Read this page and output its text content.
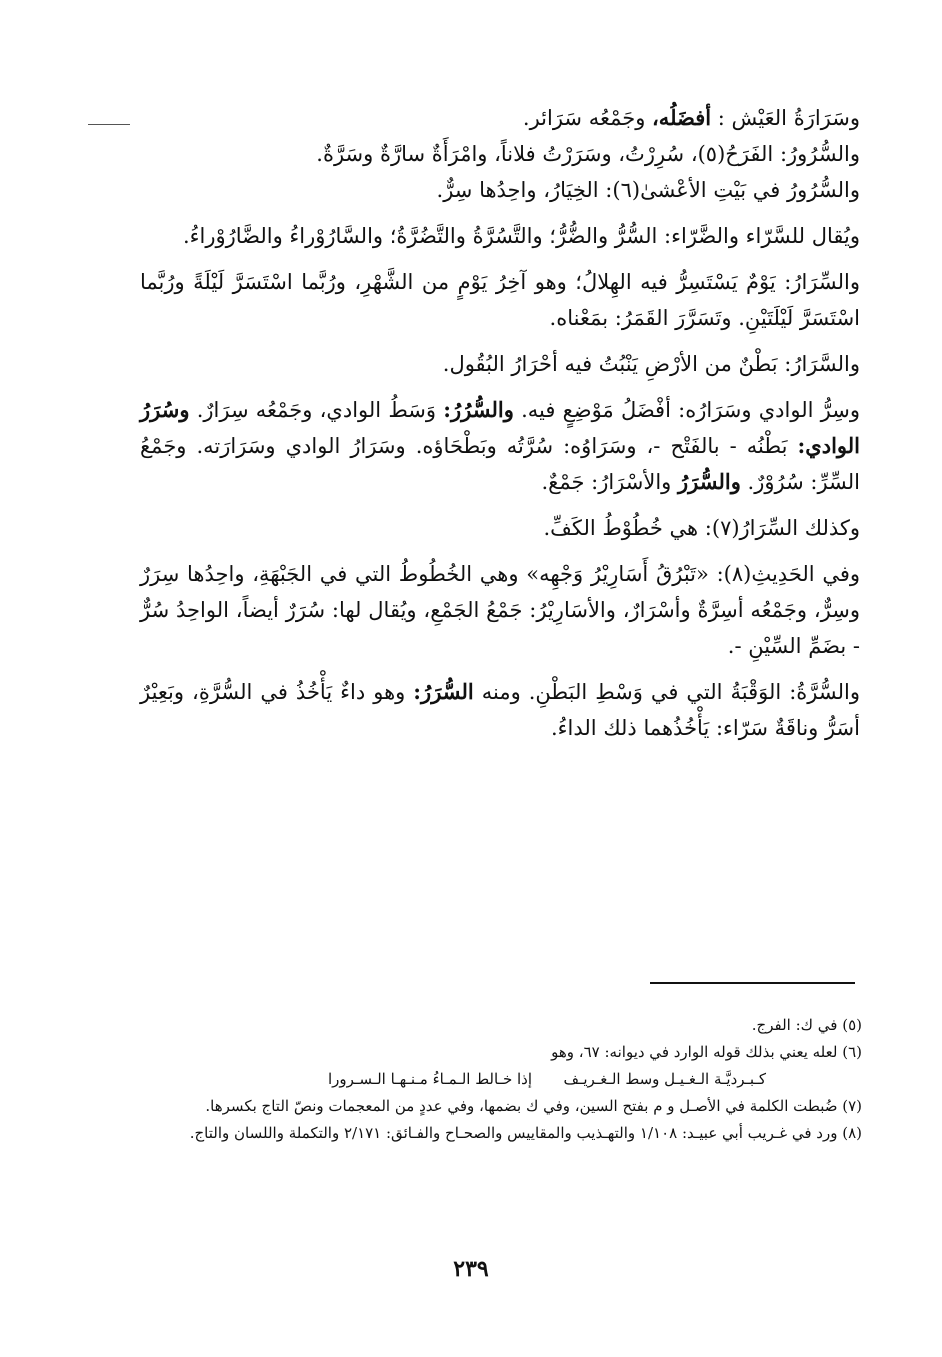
وسَرَارَةُ العَيْش : أفضَلُه، وجَمْعُه سَرَائر.

والسُّرُورُ: الفَرَحُ(٥)، سُرِرْتُ، وسَرَرْتُ فلاناً، وامْرَأَةٌ سارَّةٌ وسَرَّةٌ.

والسُّرُورُ في بَيْتِ الأعْشىٰ(٦): الخِيَارُ، واحِدُها سِرٌّ.

ويُقال للسَّرّاء والضَّرّاء: السُّرُّ والضُّرُّ؛ والتَّسُرَّةُ والتَّضُرَّةُ؛ والسَّارُوْراءُ والضَّارُوْراءُ.

والسِّرَارُ: يَوْمٌ يَسْتَسِرُّ فيه الهِلالُ؛ وهو آخِرُ يَوْمٍ من الشَّهْرِ، ورُبَّما اسْتَسَرَّ لَيْلَةً ورُبَّما اسْتَسَرَّ لَيْلَتَيْنِ. وتَسَرَّرَ القَمَرُ: بمَعْناه.

والسَّرَارُ: بَطْنٌ من الأرْضِ يَنْبُتُ فيه أحْرَارُ البُقُول.

وسِرُّ الوادي وسَرَارُه: أفْضَلُ مَوْضِعٍ فيه. والسُّرُرُ: وَسَطُ الوادي، وجَمْعُه سِرَارٌ. وسُرَرُ الوادي: بَطْنُه - بالفَتْح -، وسَرَاوُه: سُرَّتُه وبَطْحَاؤه. وسَرَارُ الوادي وسَرَارَته. وجَمْعُ السِّرِّ: سُرُوْرٌ. والسُّرَرُ والأسْرَارُ: جَمْعٌ.

وكذلك السِّرَارُ(٧): هي خُطُوْطُ الكَفِّ.

وفي الحَدِيثِ(٨): «تَبْرُقُ أَسَارِيْرُ وَجْهِه» وهي الخُطُوطُ التي في الجَبْهَةِ، واحِدُها سِرَرٌ وسِرٌّ، وجَمْعُه أسِرَّةٌ وأسْرَارٌ، والأسَارِيْرُ: جَمْعُ الجَمْعِ، ويُقال لها: سُرَرٌ أيضاً، الواحِدُ سُرٌّ - بضَمِّ السِّيْنِ -.

والسُّرَّةُ: الوَقْبَةُ التي في وَسْطِ البَطْنِ. ومنه السُّرَرُ: وهو داءٌ يَأْخُذُ في السُّرَّةِ، وبَعِيْرٌ أسَرُّ وناقَةٌ سَرّاء: يَأْخُذُهما ذلك الداءُ.

(٥) في ك: الفرج.

(٦) لعله يعني بذلك قوله الوارد في ديوانه: ٦٧، وهو

كـبـرديَّـة الـغـيـل وسط الـغـريـف
إذا خـالط الـمـاءُ مـنـهـا الـسـرورا

(٧) ضُبطت الكلمة في الأصـل و م بفتح السين، وفي ك بضمها، وفي عددٍ من المعجمات ونصّ التاج بكسرها.

(٨) ورد في غـريب أبي عبيـد: ١/١٠٨ والتهـذيب والمقاييس والصحـاح والفـائق: ٢/١٧١ والتكملة واللسان والتاج.

٢٣٩
